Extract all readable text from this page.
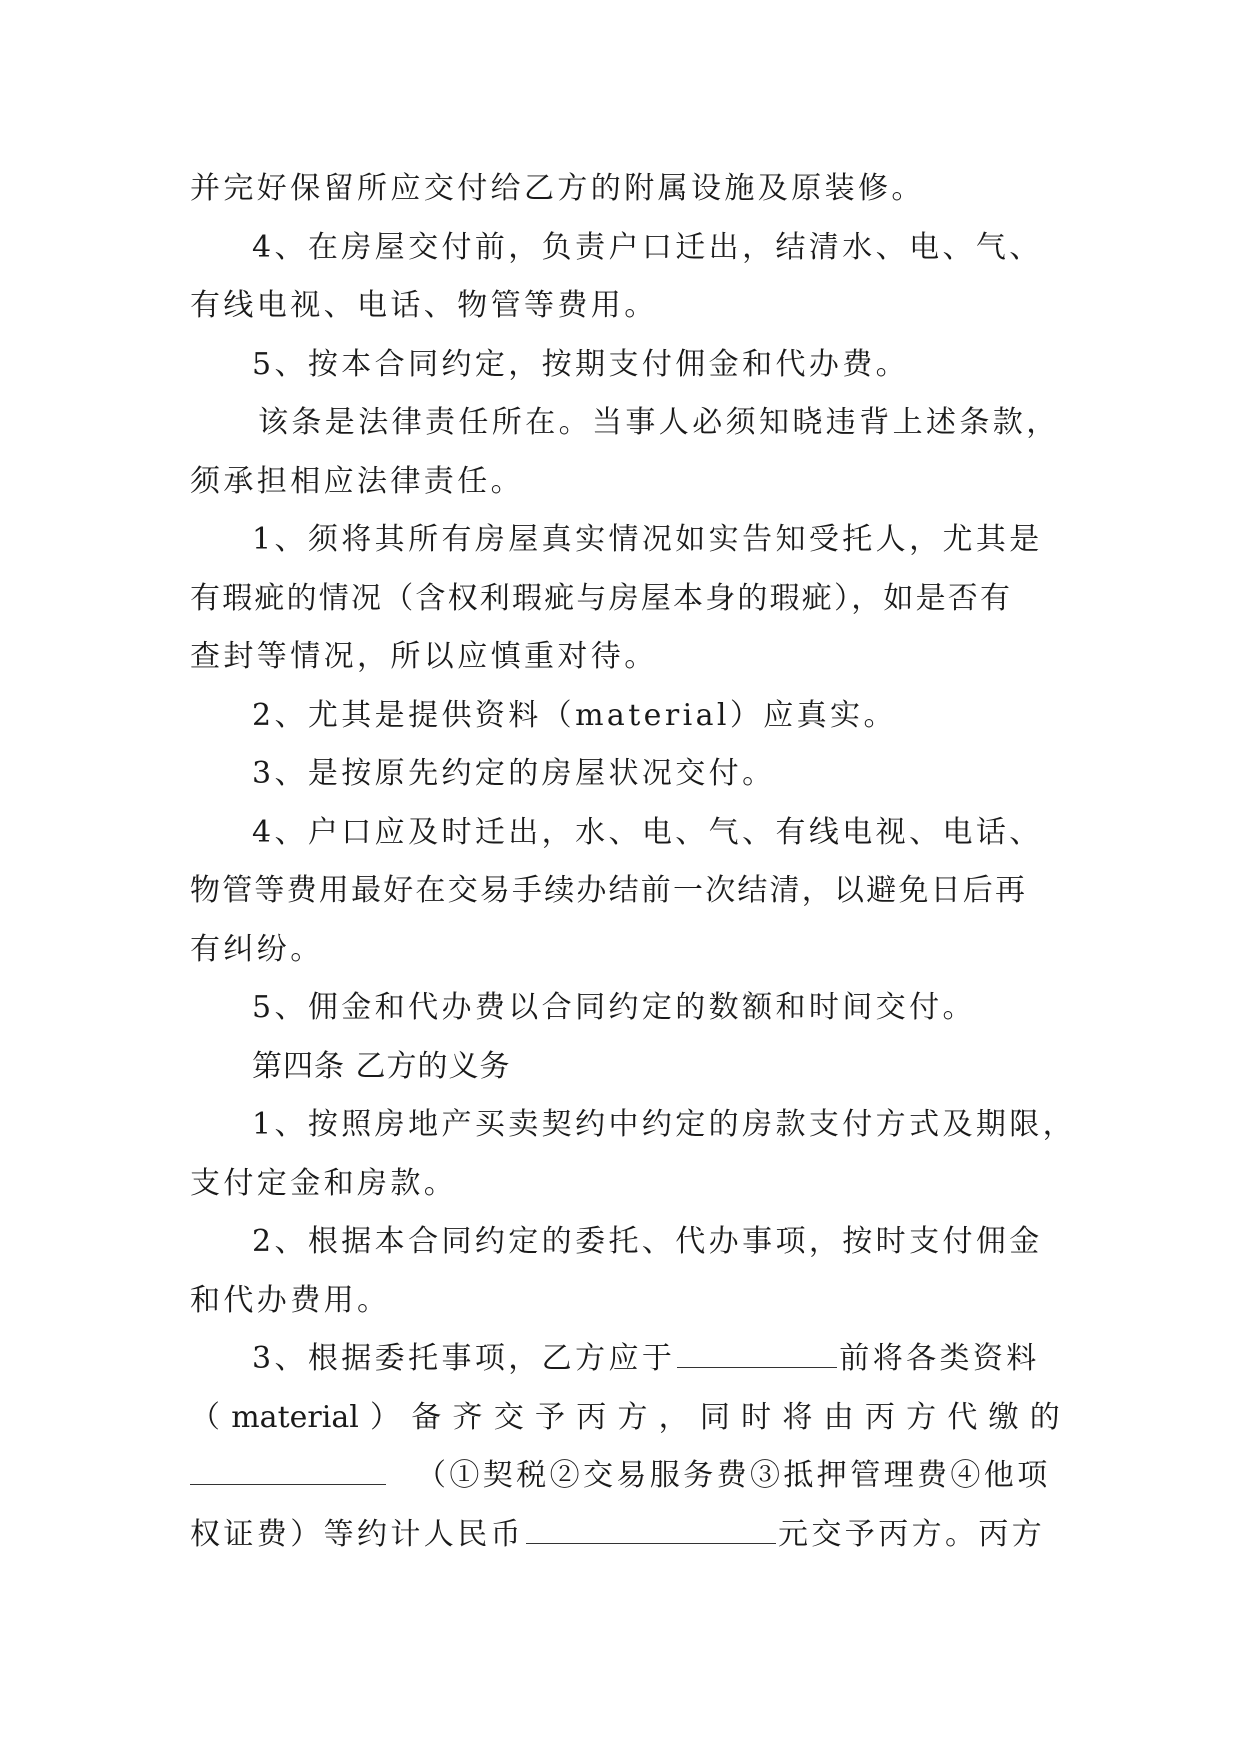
并完好保留所应交付给乙方的附属设施及原装修。
4、在房屋交付前，负责户口迁出，结清水、电、气、
有线电视、电话、物管等费用。
5、按本合同约定，按期支付佣金和代办费。
该条是法律责任所在。当事人必须知晓违背上述条款，
须承担相应法律责任。
1、须将其所有房屋真实情况如实告知受托人，尤其是
有瑕疵的情况（含权利瑕疵与房屋本身的瑕疵），如是否有
查封等情况，所以应慎重对待。
2、尤其是提供资料（material）应真实。
3、是按原先约定的房屋状况交付。
4、户口应及时迁出，水、电、气、有线电视、电话、
物管等费用最好在交易手续办结前一次结清，以避免日后再
有纠纷。
5、佣金和代办费以合同约定的数额和时间交付。
第四条 乙方的义务
1、按照房地产买卖契约中约定的房款支付方式及期限，
支付定金和房款。
2、根据本合同约定的委托、代办事项，按时支付佣金
和代办费用。
3、根据委托事项，乙方应于	前将各类资料
（ material ） 备 齐 交 予 丙 方 ， 同 时 将 由 丙 方 代 缴 的
（①契税②交易服务费③抵押管理费④他项
权证费）等约计人民币	元交予丙方。丙方
